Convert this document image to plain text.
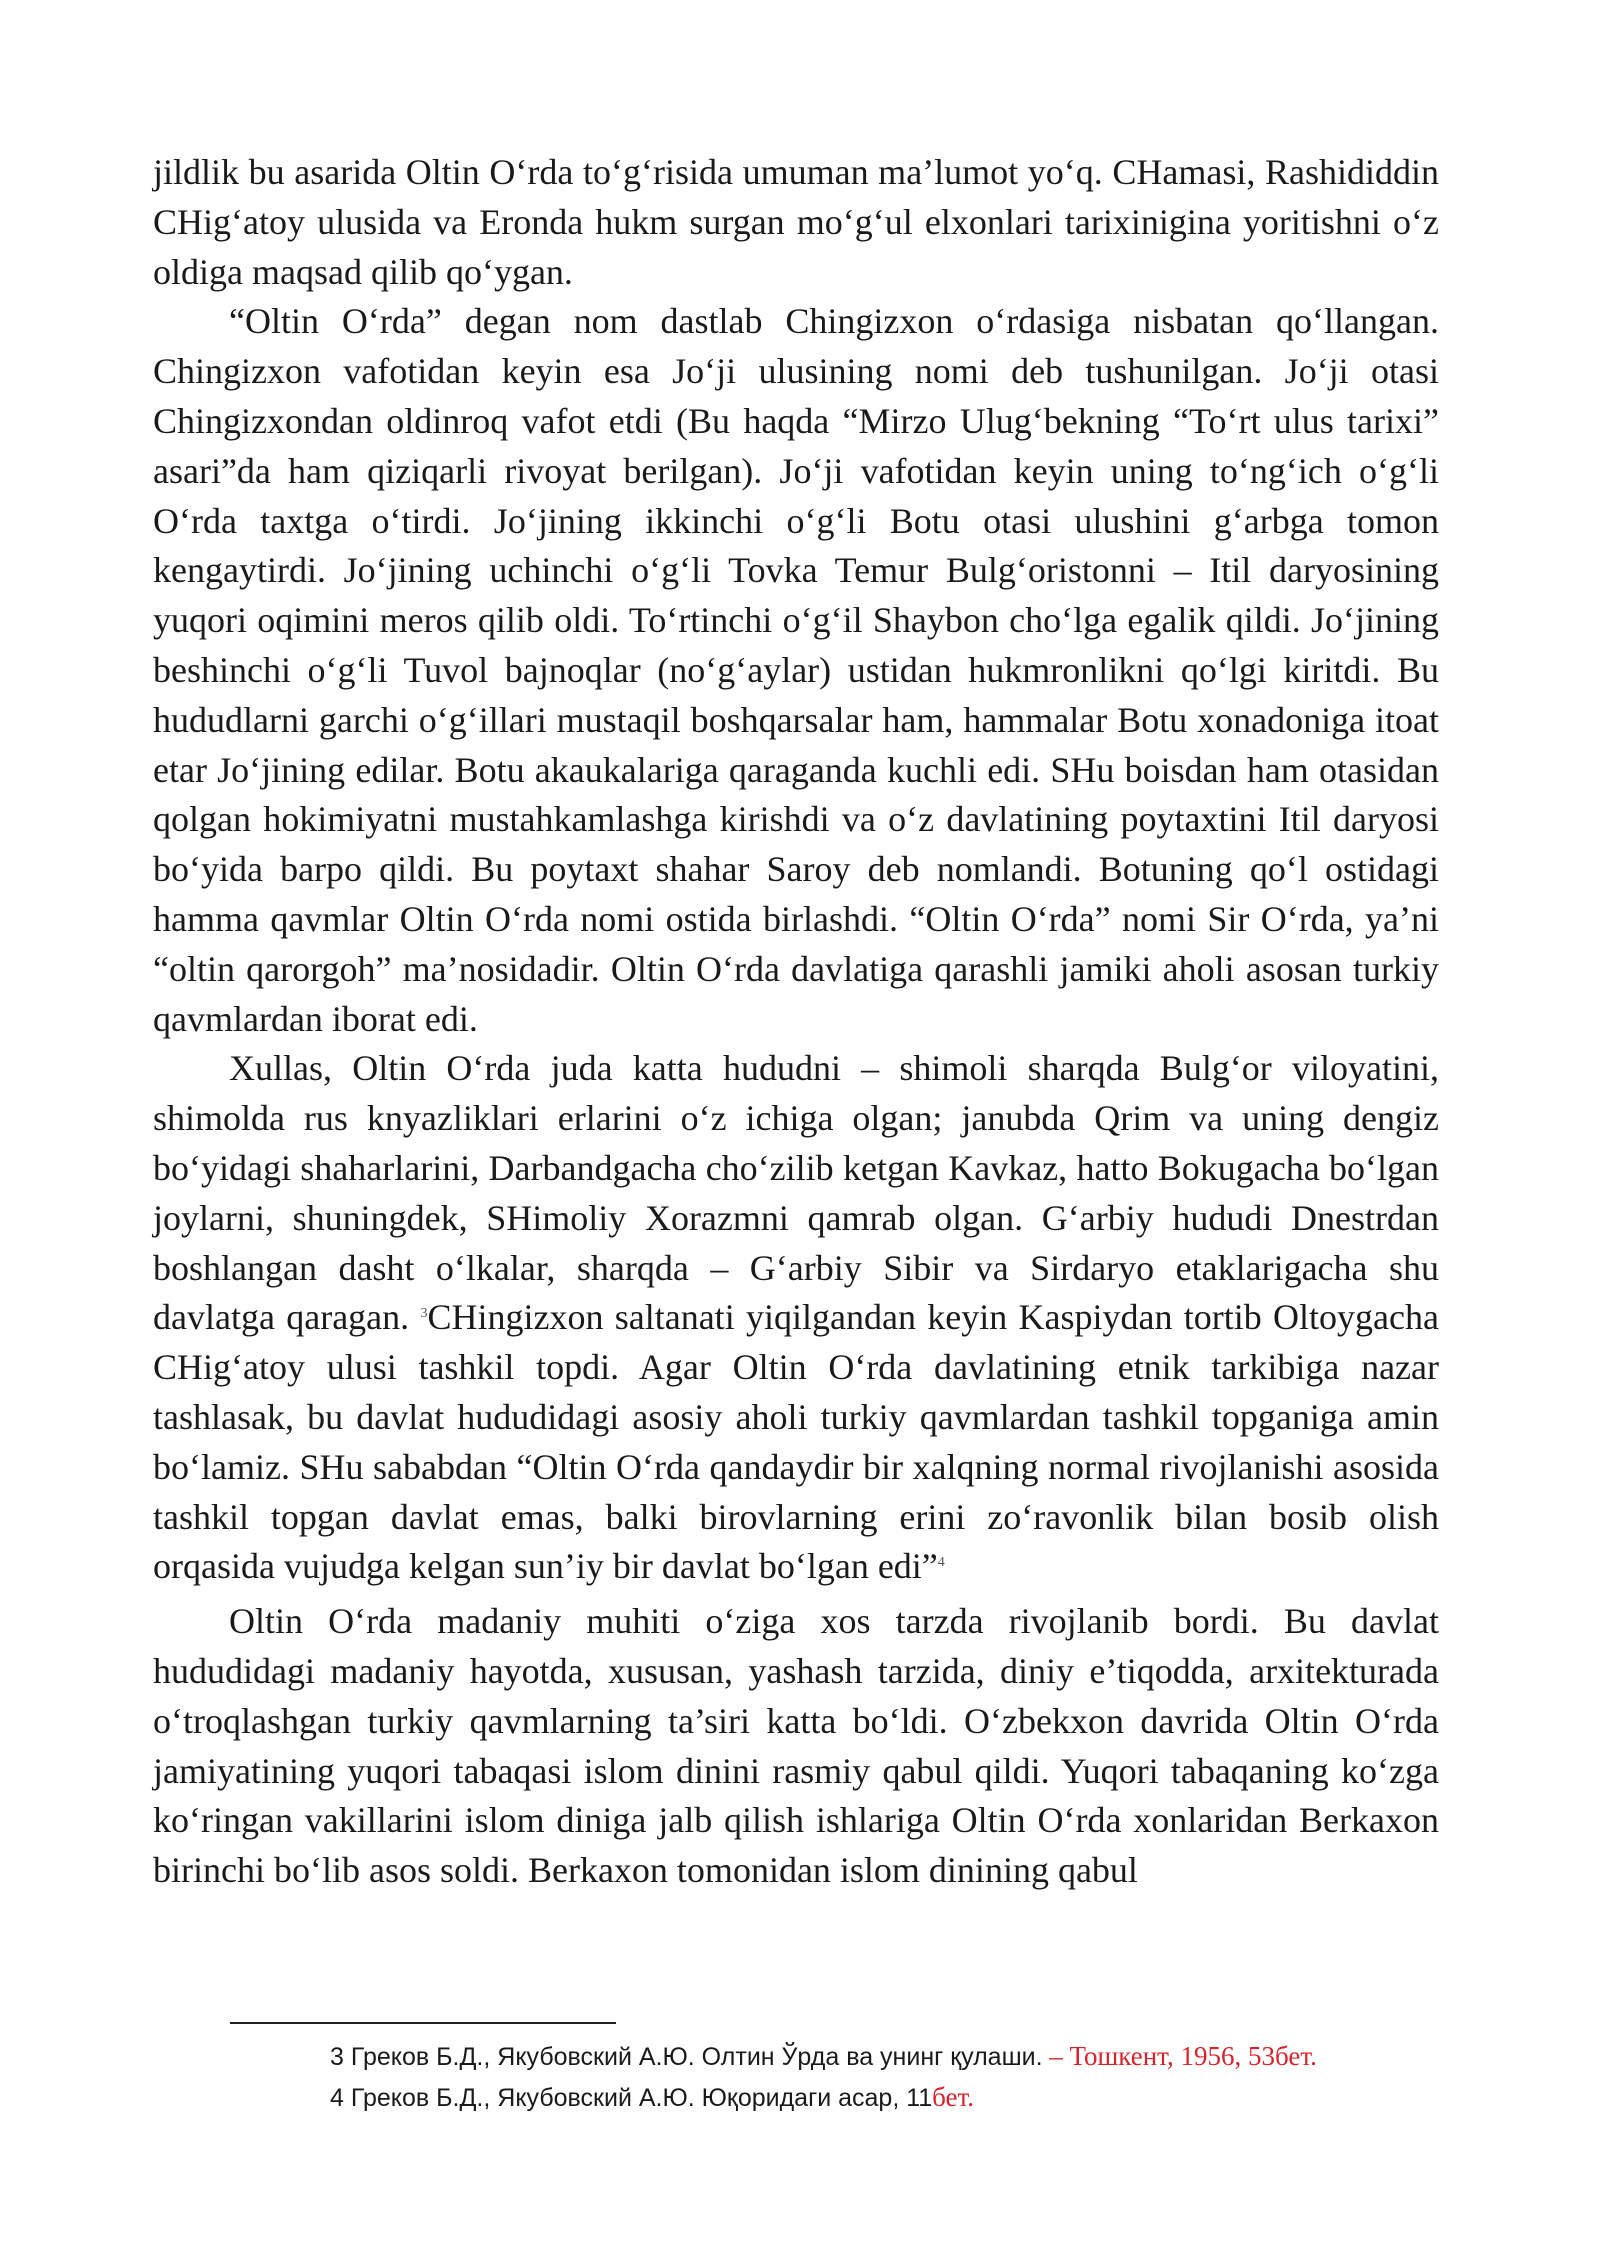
jildlik bu asarida Oltin O‘rda to‘g‘risida umuman ma’lumot yo‘q. CHamasi, Rashididdin CHig‘atoy ulusida va Eronda hukm surgan mo‘g‘ul elxonlari tarixinigina yoritishni o‘z oldiga maqsad qilib qo‘ygan.

“Oltin O‘rda” degan nom dastlab Chingizxon o‘rdasiga nisbatan qo‘llangan. Chingizxon vafotidan keyin esa Jo‘ji ulusining nomi deb tushunilgan. Jo‘ji otasi Chingizxondan oldinroq vafot etdi (Bu haqda “Mirzo Ulug‘bekning “To‘rt ulus tarixi” asari”da ham qiziqarli rivoyat berilgan). Jo‘ji vafotidan keyin uning to‘ng‘ich o‘g‘li O‘rda taxtga o‘tirdi. Jo‘jining ikkinchi o‘g‘li Botu otasi ulushini g‘arbga tomon kengaytirdi. Jo‘jining uchinchi o‘g‘li Tovka Temur Bulg‘oristonni – Itil daryosining yuqori oqimini meros qilib oldi. To‘rtinchi o‘g‘il Shaybon cho‘lga egalik qildi. Jo‘jining beshinchi o‘g‘li Tuvol bajnoqlar (no‘g‘aylar) ustidan hukmronlikni qo‘lgi kiritdi. Bu hududlarni garchi o‘g‘illari mustaqil boshqarsalar ham, hammalar Botu xonadoniga itoat etar Jo‘jining edilar. Botu akaukalariga qaraganda kuchli edi. SHu boisdan ham otasidan qolgan hokimiyatni mustahkamlashga kirishdi va o‘z davlatining poytaxtini Itil daryosi bo‘yida barpo qildi. Bu poytaxt shahar Saroy deb nomlandi. Botuning qo‘l ostidagi hamma qavmlar Oltin O‘rda nomi ostida birlashdi. “Oltin O‘rda” nomi Sir O‘rda, ya’ni “oltin qarorgoh” ma’nosidadir. Oltin O‘rda davlatiga qarashli jamiki aholi asosan turkiy qavmlardan iborat edi.

Xullas, Oltin O‘rda juda katta hududni – shimoli sharqda Bulg‘or viloyatini, shimolda rus knyazliklari erlarini o‘z ichiga olgan; janubda Qrim va uning dengiz bo‘yidagi shaharlarini, Darbandgacha cho‘zilib ketgan Kavkaz, hatto Bokugacha bo‘lgan joylarni, shuningdek, SHimoliy Xorazmni qamrab olgan. G‘arbiy hududi Dnestrdan boshlangan dasht o‘lkalar, sharqda – G‘arbiy Sibir va Sirdaryo etaklarigacha shu davlatga qaragan. $^3$CHingizxon saltanati yiqilgandan keyin Kaspiydan tortib Oltoygacha CHig‘atoy ulusi tashkil topdi. Agar Oltin O‘rda davlatining etnik tarkibiga nazar tashlasak, bu davlat hududidagi asosiy aholi turkiy qavmlardan tashkil topganiga amin bo‘lamiz. SHu sababdan “Oltin O‘rda qandaydir bir xalqning normal rivojlanishi asosida tashkil topgan davlat emas, balki birovlarning erini zo‘ravonlik bilan bosib olish orqasida vujudga kelgan sun’iy bir davlat bo‘lgan edi”$^4$

Oltin O‘rda madaniy muhiti o‘ziga xos tarzda rivojlanib bordi. Bu davlat hududidagi madaniy hayotda, xususan, yashash tarzida, diniy e’tiqodda, arxitekturada o‘troqlashgan turkiy qavmlarning ta’siri katta bo‘ldi. O‘zbekxon davrida Oltin O‘rda jamiyatining yuqori tabaqasi islom dinini rasmiy qabul qildi. Yuqori tabaqaning ko‘zga ko‘ringan vakillarini islom diniga jalb qilish ishlariga Oltin O‘rda xonlaridan Berkaxon birinchi bo‘lib asos soldi. Berkaxon tomonidan islom dinining qabul

3 Греков Б.Д., Якубовский А.Ю. Олтин Ўрда ва унинг қулаши. – Тошкент, 1956, 53бет.
4 Греков Б.Д., Якубовский А.Ю. Юқоридаги асар, 11бет.
